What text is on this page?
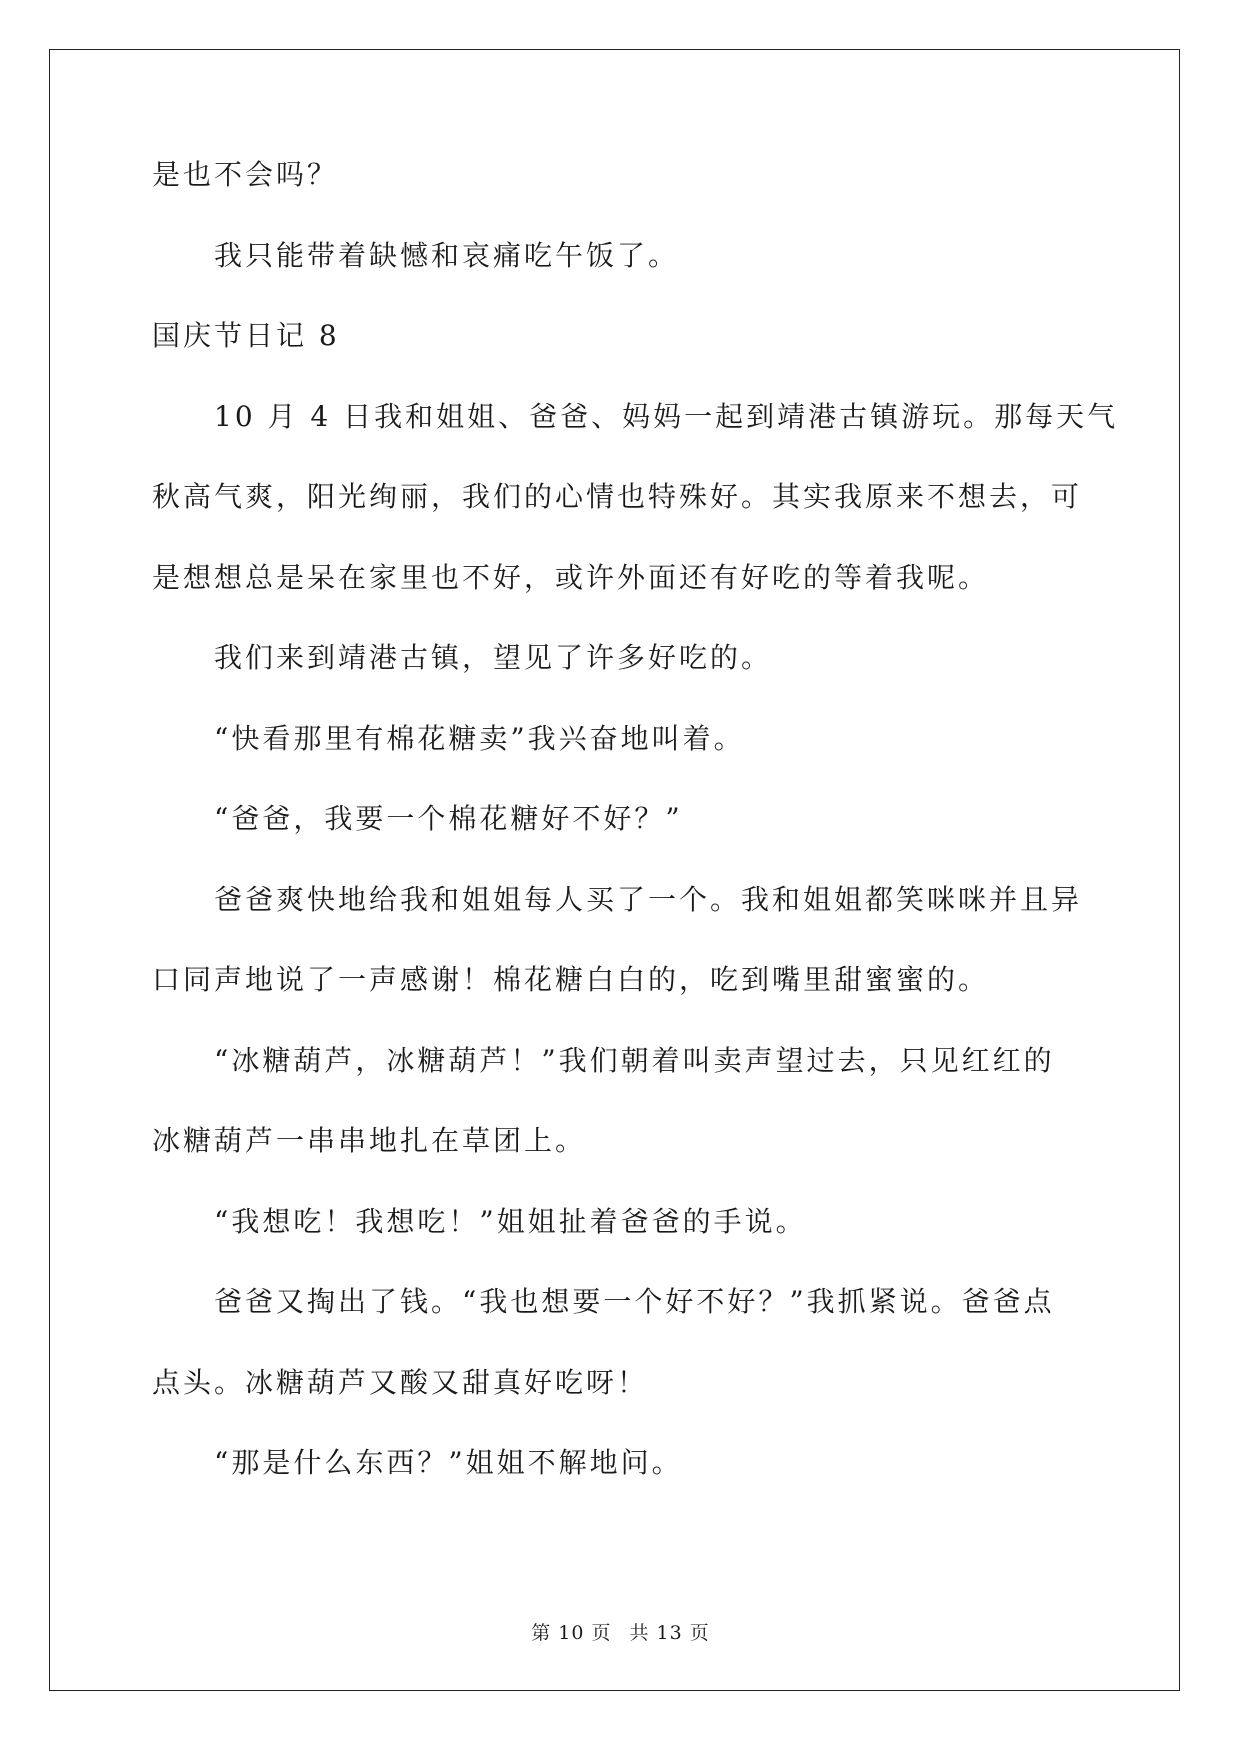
是也不会吗？
我只能带着缺憾和哀痛吃午饭了。
国庆节日记 8
10 月 4 日我和姐姐、爸爸、妈妈一起到靖港古镇游玩。那每天气
秋高气爽，阳光绚丽，我们的心情也特殊好。其实我原来不想去，可
是想想总是呆在家里也不好，或许外面还有好吃的等着我呢。
我们来到靖港古镇，望见了许多好吃的。
“快看那里有棉花糖卖”我兴奋地叫着。
“爸爸，我要一个棉花糖好不好？”
爸爸爽快地给我和姐姐每人买了一个。我和姐姐都笑咪咪并且异
口同声地说了一声感谢！棉花糖白白的，吃到嘴里甜蜜蜜的。
“冰糖葫芦，冰糖葫芦！”我们朝着叫卖声望过去，只见红红的
冰糖葫芦一串串地扎在草团上。
“我想吃！我想吃！”姐姐扯着爸爸的手说。
爸爸又掏出了钱。“我也想要一个好不好？”我抓紧说。爸爸点
点头。冰糖葫芦又酸又甜真好吃呀！
“那是什么东西？”姐姐不解地问。
第 10 页 共 13 页
